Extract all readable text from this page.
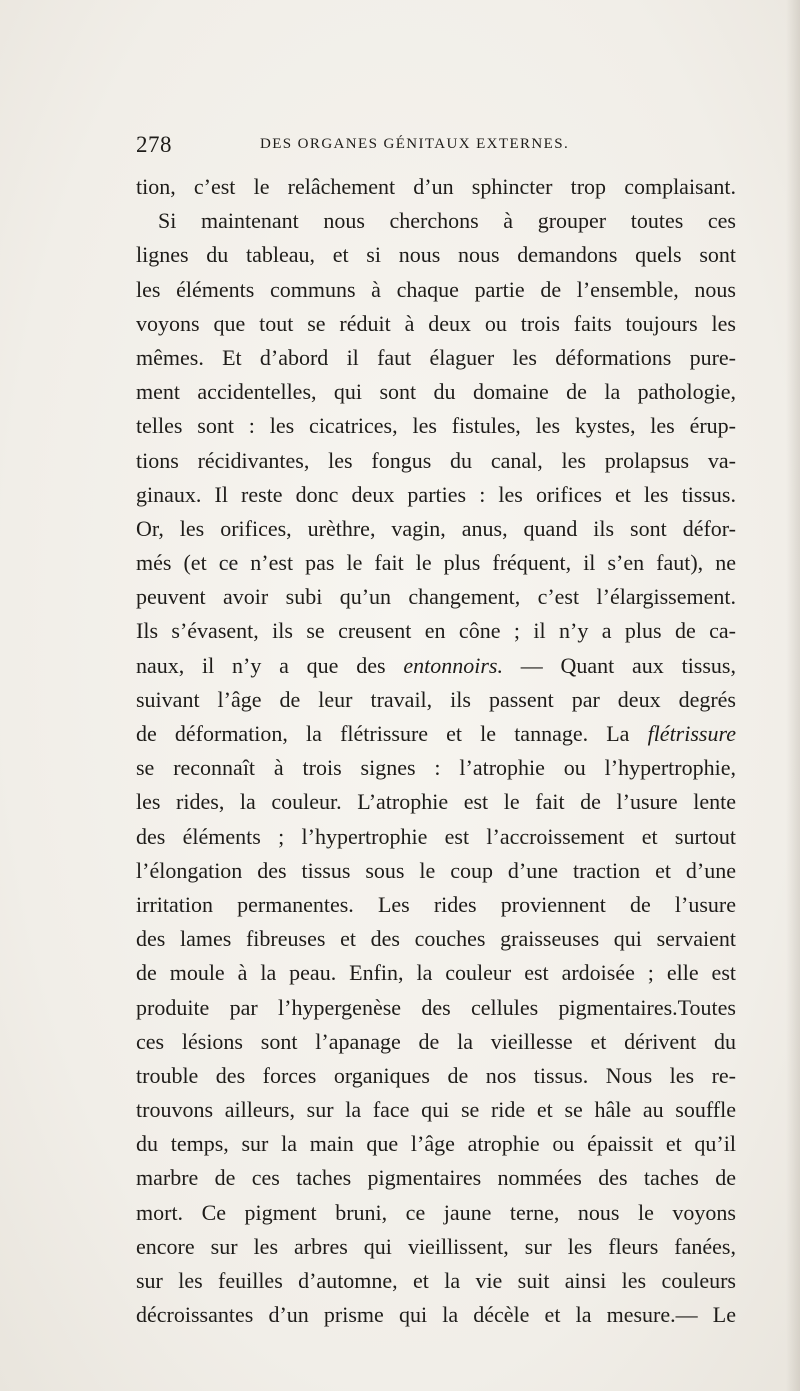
278	DES ORGANES GÉNITAUX EXTERNES.
tion, c’est le relâchement d’un sphincter trop complaisant.
Si maintenant nous cherchons à grouper toutes ces
lignes du tableau, et si nous nous demandons quels sont
les éléments communs à chaque partie de l’ensemble, nous
voyons que tout se réduit à deux ou trois faits toujours les
mêmes. Et d’abord il faut élaguer les déformations pure-
ment accidentelles, qui sont du domaine de la pathologie,
telles sont : les cicatrices, les fistules, les kystes, les érup-
tions récidivantes, les fongus du canal, les prolapsus va-
ginaux. Il reste donc deux parties : les orifices et les tissus.
Or, les orifices, urèthre, vagin, anus, quand ils sont défor-
més (et ce n’est pas le fait le plus fréquent, il s’en faut), ne
peuvent avoir subi qu’un changement, c’est l’élargissement.
Ils s’évasent, ils se creusent en cône ; il n’y a plus de ca-
naux, il n’y a que des entonnoirs. — Quant aux tissus,
suivant l’âge de leur travail, ils passent par deux degrés
de déformation, la flétrissure et le tannage. La flétrissure
se reconnaît à trois signes : l’atrophie ou l’hypertrophie,
les rides, la couleur. L’atrophie est le fait de l’usure lente
des éléments ; l’hypertrophie est l’accroissement et surtout
l’élongation des tissus sous le coup d’une traction et d’une
irritation permanentes. Les rides proviennent de l’usure
des lames fibreuses et des couches graisseuses qui servaient
de moule à la peau. Enfin, la couleur est ardoisée ; elle est
produite par l’hypergenèse des cellules pigmentaires.Toutes
ces lésions sont l’apanage de la vieillesse et dérivent du
trouble des forces organiques de nos tissus. Nous les re-
trouvons ailleurs, sur la face qui se ride et se hâle au souffle
du temps, sur la main que l’âge atrophie ou épaissit et qu’il
marbre de ces taches pigmentaires nommées des taches de
mort. Ce pigment bruni, ce jaune terne, nous le voyons
encore sur les arbres qui vieillissent, sur les fleurs fanées,
sur les feuilles d’automne, et la vie suit ainsi les couleurs
décroissantes d’un prisme qui la décèle et la mesure.— Le
